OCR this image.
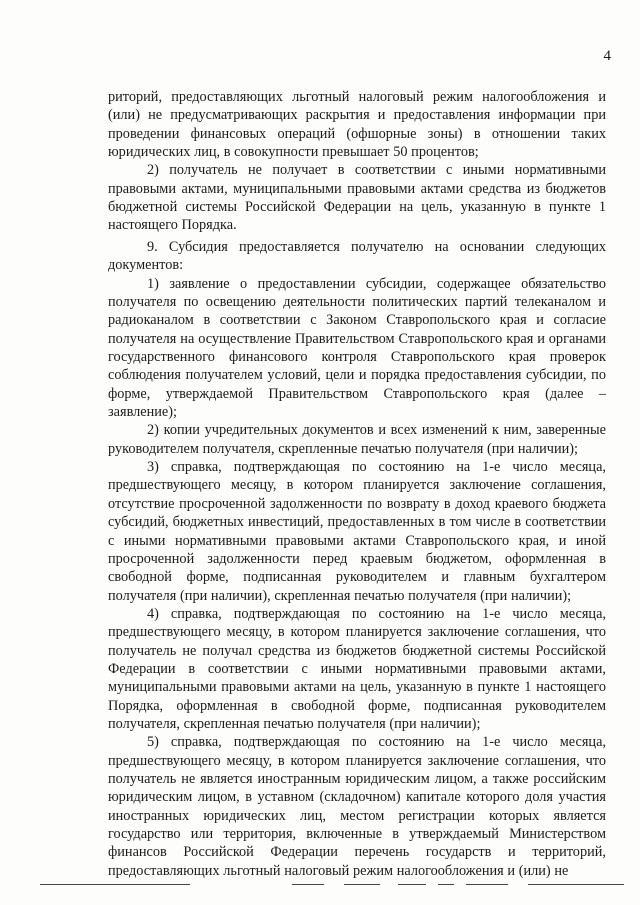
4

риторий, предоставляющих льготный налоговый режим налогообложения и (или) не предусматривающих раскрытия и предоставления информации при проведении финансовых операций (офшорные зоны) в отношении таких юридических лиц, в совокупности превышает 50 процентов;

2) получатель не получает в соответствии с иными нормативными правовыми актами, муниципальными правовыми актами средства из бюджетов бюджетной системы Российской Федерации на цель, указанную в пункте 1 настоящего Порядка.

9. Субсидия предоставляется получателю на основании следующих документов:

1) заявление о предоставлении субсидии, содержащее обязательство получателя по освещению деятельности политических партий телеканалом и радиоканалом в соответствии с Законом Ставропольского края и согласие получателя на осуществление Правительством Ставропольского края и органами государственного финансового контроля Ставропольского края проверок соблюдения получателем условий, цели и порядка предоставления субсидии, по форме, утверждаемой Правительством Ставропольского края (далее – заявление);

2) копии учредительных документов и всех изменений к ним, заверенные руководителем получателя, скрепленные печатью получателя (при наличии);

3) справка, подтверждающая по состоянию на 1-е число месяца, предшествующего месяцу, в котором планируется заключение соглашения, отсутствие просроченной задолженности по возврату в доход краевого бюджета субсидий, бюджетных инвестиций, предоставленных в том числе в соответствии с иными нормативными правовыми актами Ставропольского края, и иной просроченной задолженности перед краевым бюджетом, оформленная в свободной форме, подписанная руководителем и главным бухгалтером получателя (при наличии), скрепленная печатью получателя (при наличии);

4) справка, подтверждающая по состоянию на 1-е число месяца, предшествующего месяцу, в котором планируется заключение соглашения, что получатель не получал средства из бюджетов бюджетной системы Российской Федерации в соответствии с иными нормативными правовыми актами, муниципальными правовыми актами на цель, указанную в пункте 1 настоящего Порядка, оформленная в свободной форме, подписанная руководителем получателя, скрепленная печатью получателя (при наличии);

5) справка, подтверждающая по состоянию на 1-е число месяца, предшествующего месяцу, в котором планируется заключение соглашения, что получатель не является иностранным юридическим лицом, а также российским юридическим лицом, в уставном (складочном) капитале которого доля участия иностранных юридических лиц, местом регистрации которых является государство или территория, включенные в утверждаемый Министерством финансов Российской Федерации перечень государств и территорий, предоставляющих льготный налоговый режим налогообложения и (или) не
